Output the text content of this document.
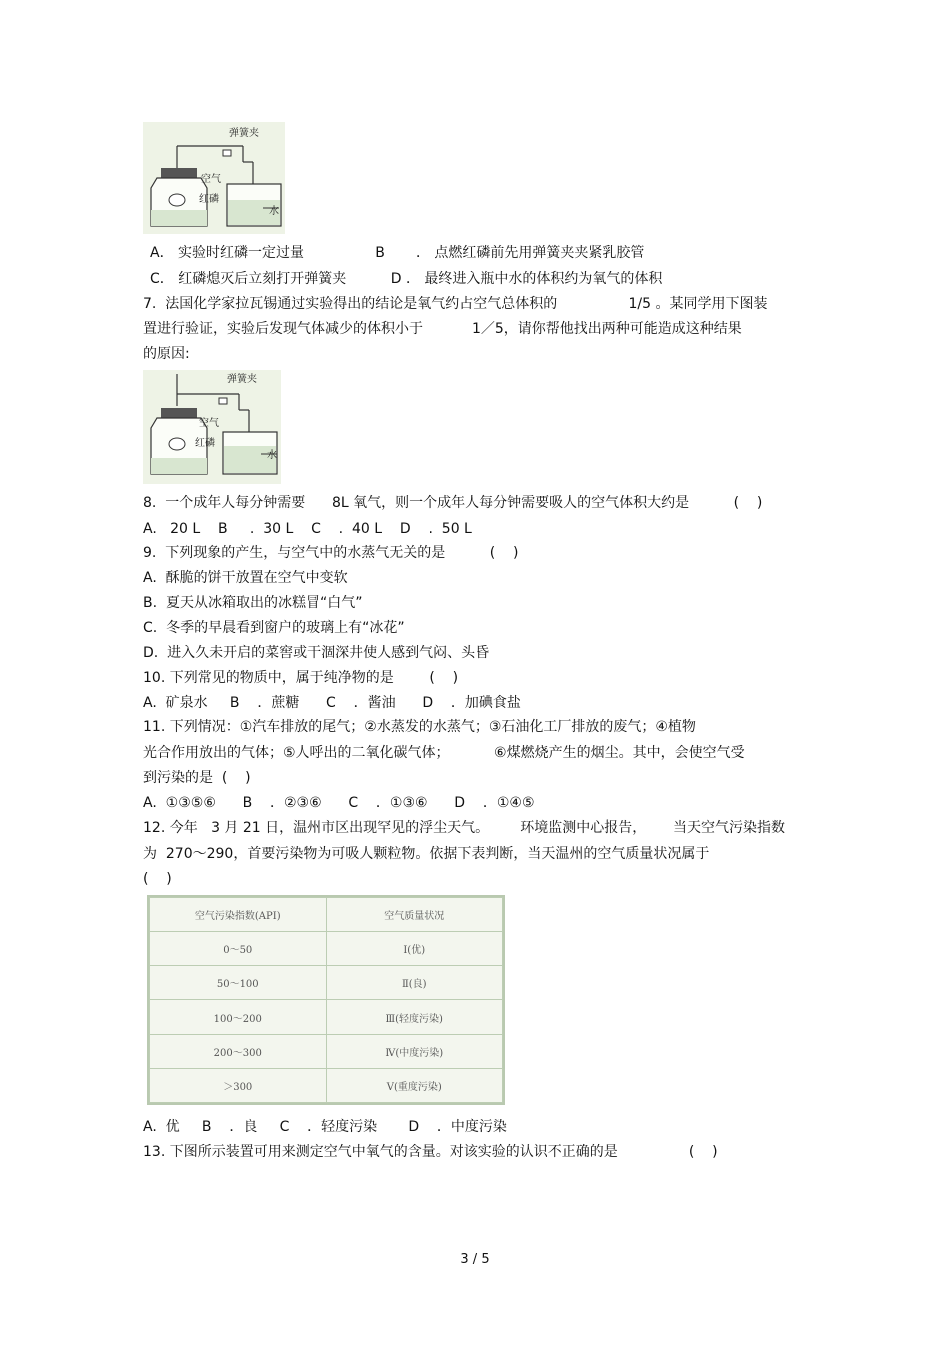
弹簧夹
空气
红磷
水
A． 实验时红磷一定过量                B       ． 点燃红磷前先用弹簧夹夹紧乳胶管
C． 红磷熄灭后立刻打开弹簧夹          D ． 最终进入瓶中水的体积约为氧气的体积
7.  法国化学家拉瓦锡通过实验得出的结论是氧气约占空气总体积的                1/5 。某同学用下图装
置进行验证，实验后发现气体减少的体积小于           1／5，请你帮他找出两种可能造成这种结果
的原因:
弹簧夹
空气
红磷
水
8.  一个成年人每分钟需要      8L 氧气，则一个成年人每分钟需要吸人的空气体积大约是          (    )
A.   20 L    B     .  30 L    C    .  40 L    D    .  50 L
9.  下列现象的产生，与空气中的水蒸气无关的是          (    )
A.  酥脆的饼干放置在空气中变软
B.  夏天从冰箱取出的冰糕冒“白气”
C.  冬季的早晨看到窗户的玻璃上有“冰花”
D.  进入久未开启的菜窖或干涸深井使人感到气闷、头昏
10. 下列常见的物质中，属于纯净物的是        (    )
A.  矿泉水     B    ．蔗糖      C    ．酱油      D    ．加碘食盐
11. 下列情况：①汽车排放的尾气；②水蒸发的水蒸气；③石油化工厂排放的废气；④植物
光合作用放出的气体；⑤人呼出的二氧化碳气体；          ⑥煤燃烧产生的烟尘。其中，会使空气受
到污染的是  (    )
A.  ①③⑤⑥      B    ．②③⑥      C    ．①③⑥      D    ．①④⑤
12. 今年   3 月 21 日，温州市区出现罕见的浮尘天气。       环境监测中心报告，      当天空气污染指数
为  270～290，首要污染物为可吸人颗粒物。依据下表判断，当天温州的空气质量状况属于
(    )
空气污染指数(API)	空气质量状况
0～50	Ⅰ(优)
50～100	Ⅱ(良)
100～200	Ⅲ(轻度污染)
200～300	Ⅳ(中度污染)
＞300	Ⅴ(重度污染)
A.  优     B    ．良     C    ．轻度污染       D    ．中度污染
13. 下图所示装置可用来测定空气中氧气的含量。对该实验的认识不正确的是                (    )
3 / 5
